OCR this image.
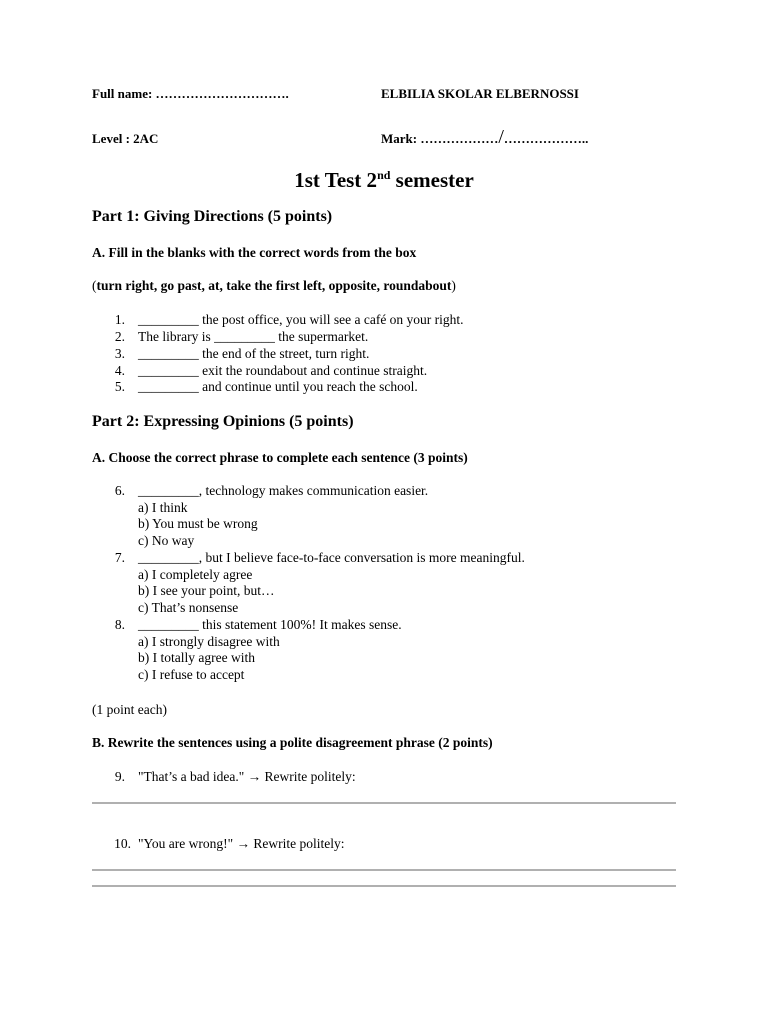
Full name: ………………………….	ELBILIA SKOLAR ELBERNOSSI
Level : 2AC	Mark: ………………/………………..
1st Test 2nd semester
Part 1: Giving Directions (5 points)
A. Fill in the blanks with the correct words from the box
(turn right, go past, at, take the first left, opposite, roundabout)
1. _________ the post office, you will see a café on your right.
2. The library is _________ the supermarket.
3. _________ the end of the street, turn right.
4. _________ exit the roundabout and continue straight.
5. _________ and continue until you reach the school.
Part 2: Expressing Opinions (5 points)
A. Choose the correct phrase to complete each sentence (3 points)
6. _________, technology makes communication easier.
a) I think
b) You must be wrong
c) No way
7. _________, but I believe face-to-face conversation is more meaningful.
a) I completely agree
b) I see your point, but…
c) That’s nonsense
8. _________ this statement 100%! It makes sense.
a) I strongly disagree with
b) I totally agree with
c) I refuse to accept
(1 point each)
B. Rewrite the sentences using a polite disagreement phrase (2 points)
9. "That’s a bad idea." → Rewrite politely:
10. "You are wrong!" → Rewrite politely:
